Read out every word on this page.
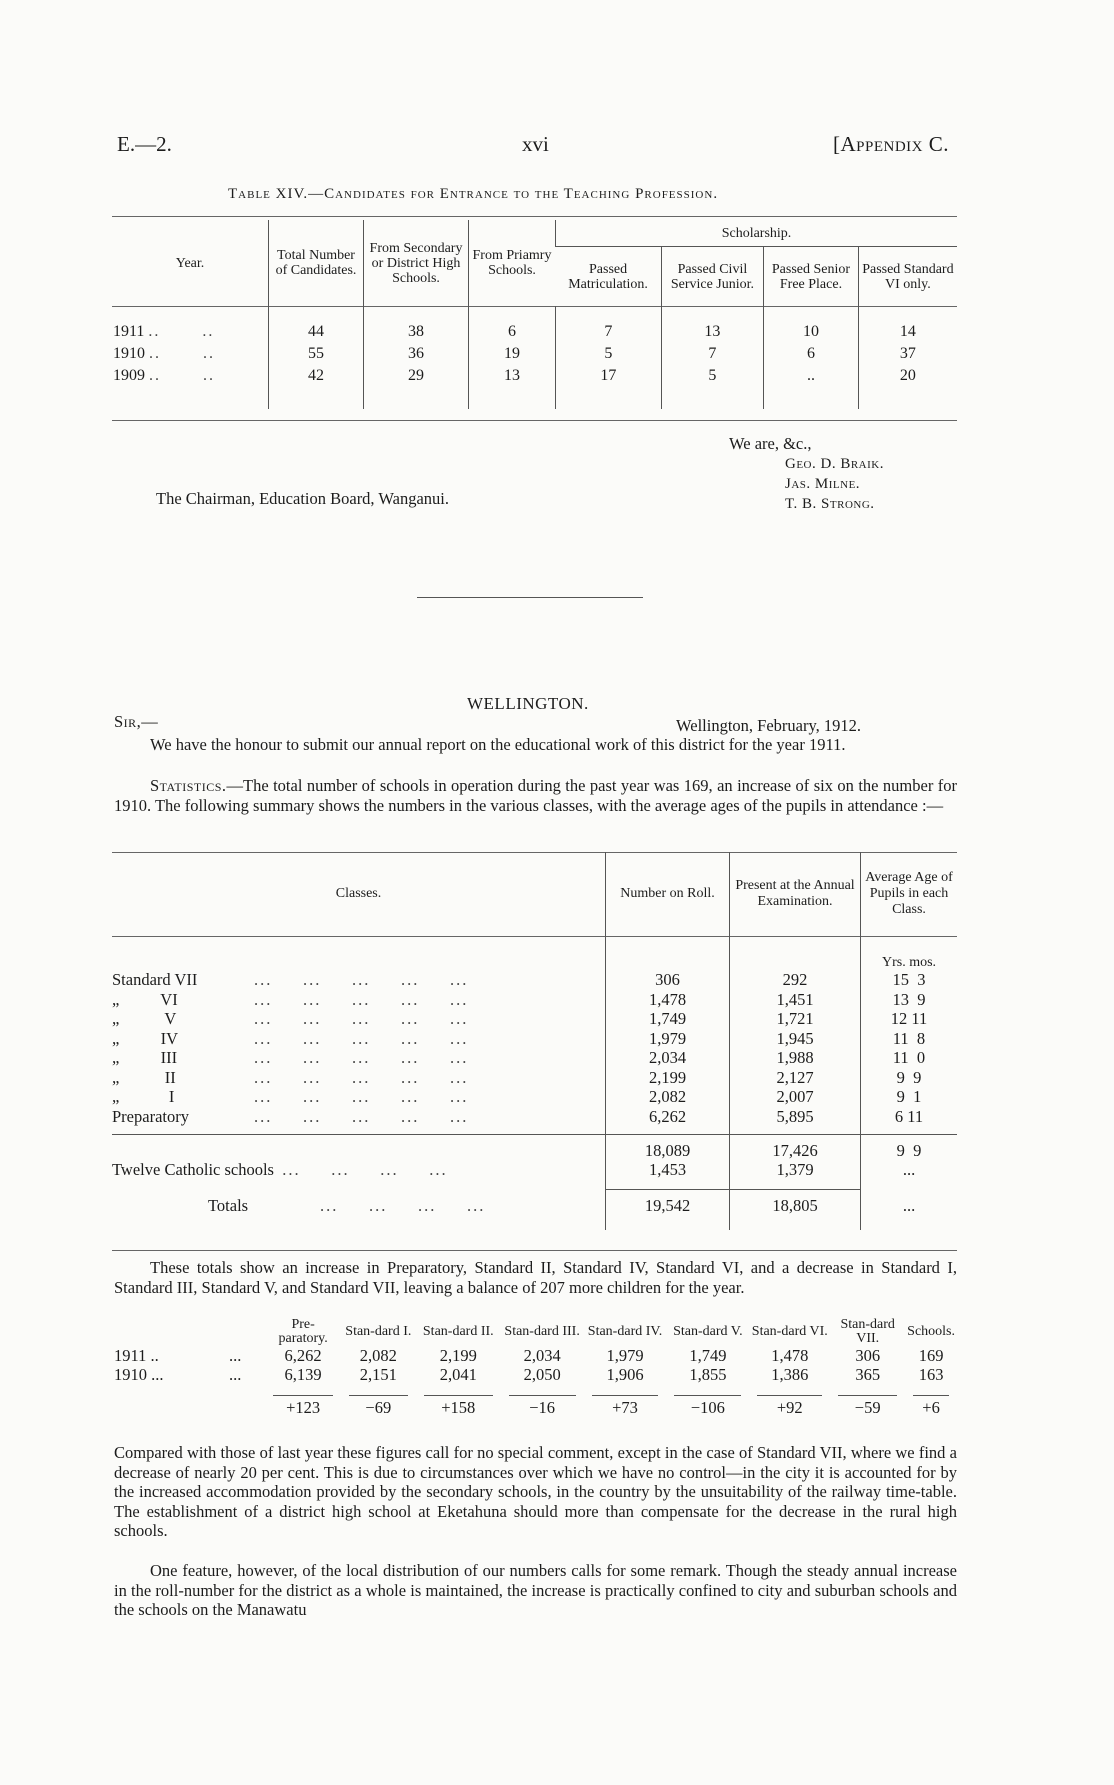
E.—2.	xvi	[Appendix C.
Table XIV.—Candidates for Entrance to the Teaching Profession.
Year.	Total Number of Candidates.	From Secondary or District High Schools.	From Priamry Schools.	Scholarship.			
				Passed Matriculation.	Passed Civil Service Junior.	Passed Senior Free Place.	Passed Standard VI only.

1911 ..       ..	44	38	6	7	13	10	14
1910 ..       ..	55	36	19	5	7	6	37
1909 ..       ..	42	29	13	17	5	..	20

We are, &c.,
Geo. D. Braik.
Jas. Milne.
T. B. Strong.
The Chairman, Education Board, Wanganui.
WELLINGTON.
Sir,—	Wellington, February, 1912.
We have the honour to submit our annual report on the educational work of this district for the year 1911.
Statistics.—The total number of schools in operation during the past year was 169, an increase of six on the number for 1910. The following summary shows the numbers in the various classes, with the average ages of the pupils in attendance :—
Classes.	Number on Roll.	Present at the Annual Examination.	Average Age of Pupils in each Class.
			Yrs. mos.
Standard VII ...     ...     ...     ...     ...	306	292	15  3
„          VI ...     ...     ...     ...     ...	1,478	1,451	13  9
„           V ...     ...     ...     ...     ...	1,749	1,721	12 11
„          IV ...     ...     ...     ...     ...	1,979	1,945	11  8
„          III ...     ...     ...     ...     ...	2,034	1,988	11  0
„           II ...     ...     ...     ...     ...	2,199	2,127	9  9
„            I ...     ...     ...     ...     ...	2,082	2,007	9  1
Preparatory ...     ...     ...     ...     ...	6,262	5,895	6 11

	18,089	17,426	9  9
Twelve Catholic schools ...     ...     ...     ...	1,453	1,379	...

Totals ...     ...     ...     ...	19,542	18,805	...

These totals show an increase in Preparatory, Standard II, Standard IV, Standard VI, and a decrease in Standard I, Standard III, Standard V, and Standard VII, leaving a balance of 207 more children for the year.
	Pre-paratory.	Stan-dard I.	Stan-dard II.	Stan-dard III.	Stan-dard IV.	Stan-dard V.	Stan-dard VI.	Stan-dard VII.	Schools.
1911 .. ...	6,262	2,082	2,199	2,034	1,979	1,749	1,478	306	169
1910 ... ...	6,139	2,151	2,041	2,050	1,906	1,855	1,386	365	163

	+123	−69	+158	−16	+73	−106	+92	−59	+6
Compared with those of last year these figures call for no special comment, except in the case of Standard VII, where we find a decrease of nearly 20 per cent. This is due to circumstances over which we have no control—in the city it is accounted for by the increased accommodation provided by the secondary schools, in the country by the unsuitability of the railway time-table. The establishment of a district high school at Eketahuna should more than compensate for the decrease in the rural high schools.
One feature, however, of the local distribution of our numbers calls for some remark. Though the steady annual increase in the roll-number for the district as a whole is maintained, the increase is practically confined to city and suburban schools and the schools on the Manawatu
